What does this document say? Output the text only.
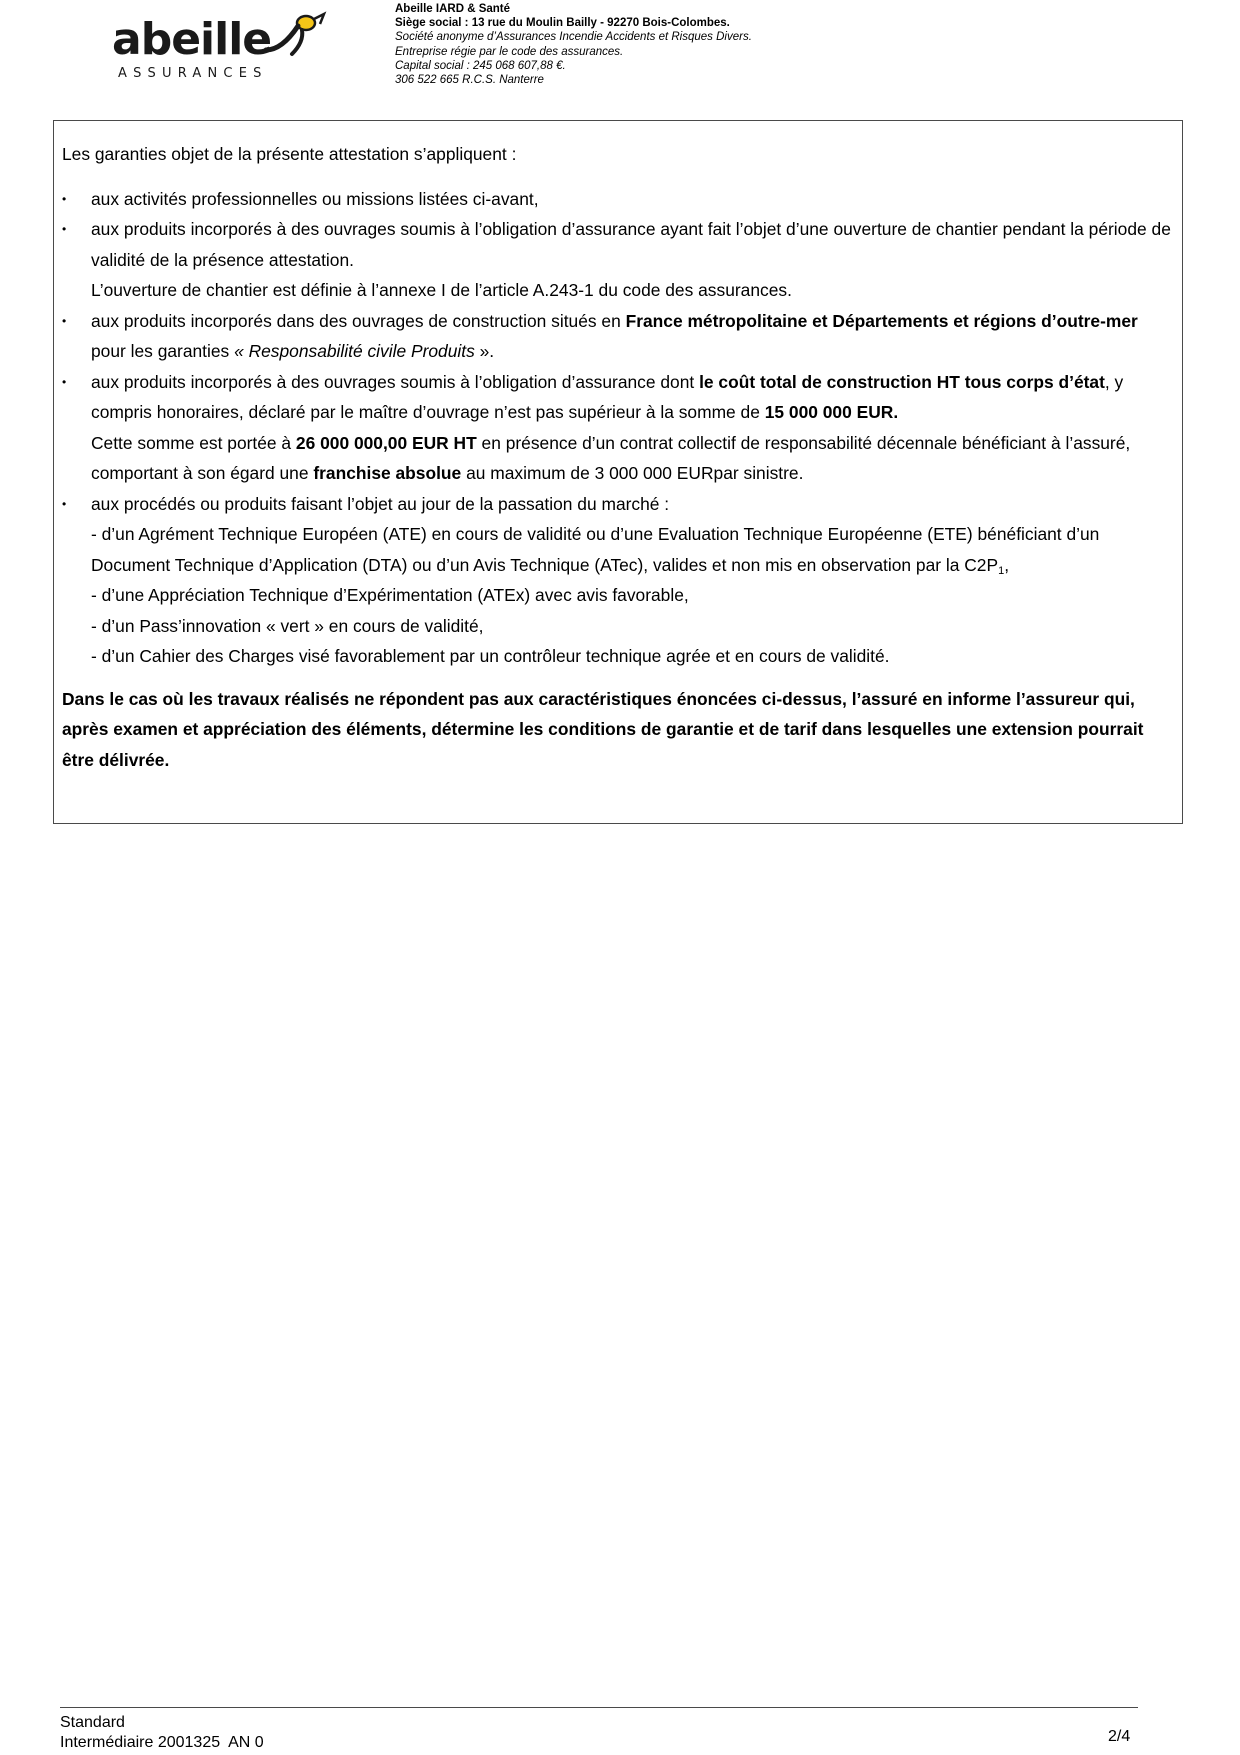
abeille
ASSURANCES
Abeille IARD & Santé
Siège social : 13 rue du Moulin Bailly - 92270 Bois-Colombes.
Société anonyme d’Assurances Incendie Accidents et Risques Divers.
Entreprise régie par le code des assurances.
Capital social : 245 068 607,88 €.
306 522 665 R.C.S. Nanterre
Les garanties objet de la présente attestation s’appliquent :
• aux activités professionnelles ou missions listées ci-avant,
• aux produits incorporés à des ouvrages soumis à l’obligation d’assurance ayant fait l’objet d’une ouverture de chantier pendant la période de validité de la présence attestation.
L’ouverture de chantier est définie à l’annexe I de l’article A.243-1 du code des assurances.
• aux produits incorporés dans des ouvrages de construction situés en France métropolitaine et Départements et régions d’outre-mer pour les garanties « Responsabilité civile Produits ».
• aux produits incorporés à des ouvrages soumis à l’obligation d’assurance dont le coût total de construction HT tous corps d’état, y compris honoraires, déclaré par le maître d’ouvrage n’est pas supérieur à la somme de 15 000 000 EUR.
Cette somme est portée à 26 000 000,00 EUR HT en présence d’un contrat collectif de responsabilité décennale bénéficiant à l’assuré, comportant à son égard une franchise absolue au maximum de 3 000 000 EURpar sinistre.
• aux procédés ou produits faisant l’objet au jour de la passation du marché :
- d’un Agrément Technique Européen (ATE) en cours de validité ou d’une Evaluation Technique Européenne (ETE) bénéficiant d’un Document Technique d’Application (DTA) ou d’un Avis Technique (ATec), valides et non mis en observation par la $C2P_1$,
- d’une Appréciation Technique d’Expérimentation (ATEx) avec avis favorable,
- d’un Pass’innovation « vert » en cours de validité,
- d’un Cahier des Charges visé favorablement par un contrôleur technique agrée et en cours de validité.
Dans le cas où les travaux réalisés ne répondent pas aux caractéristiques énoncées ci-dessus, l’assuré en informe l’assureur qui, après examen et appréciation des éléments, détermine les conditions de garantie et de tarif dans lesquelles une extension pourrait être délivrée.
Standard
Intermédiaire 2001325  AN 0	2/4
